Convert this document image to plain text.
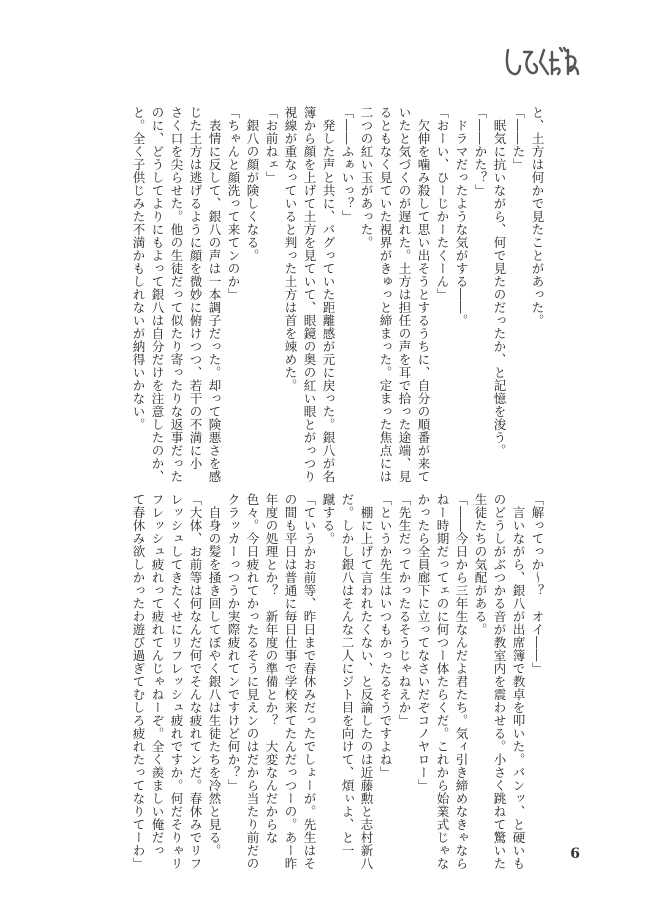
と、土方は何かで見たことがあった。
「――た」
　眠気に抗いながら、何で見たのだったか、と記憶を浚う。
「――かた？」
　ドラマだったような気がする――。
「おーい、ひーじかーたくーん」
　欠伸を噛み殺して思い出そうとするうちに、自分の順番が来て
いたと気づくのが遅れた。土方は担任の声を耳で拾った途端、見
るともなく見ていた視界がきゅっと締まった。定まった焦点には
二つの紅い玉があった。
「――ふぁいっ？」
　発した声と共に、バグっていた距離感が元に戻った。銀八が名
簿から顔を上げて土方を見ていて、眼鏡の奥の紅い眼とがっつり
視線が重なっていると判った土方は首を竦めた。
「お前ねェ」
　銀八の顔が険しくなる。
「ちゃんと顔洗って来てンのか」
　表情に反して、銀八の声は一本調子だった。却って険悪さを感
じた土方は逃げるように顔を微妙に俯けつつ、若干の不満に小
さく口を尖らせた。他の生徒だって似たり寄ったりな返事だった
のに、どうしてよりにもよって銀八は自分だけを注意したのか、
と。全く子供じみた不満かもしれないが納得いかない。
「解ってっか～？　オイ――」
　言いながら、銀八が出席簿で教卓を叩いた。バンッ、と硬いも
のどうしがぶつかる音が教室内を震わせる。小さく跳ねて驚いた
生徒たちの気配がある。
「――今日から三年生なんだよ君たち。気ィ引き締めなきゃなら
ねー時期だってェのに何つー体たらくだ。これから始業式じゃな
かったら全員廊下に立ってなさいだぞコノヤロー」
「先生だってかったるそうじゃねえか」
「というか先生はいつもかったるそうですよね」
　棚に上げて言われたくない、と反論したのは近藤勲と志村新八
だ。しかし銀八はそんな二人にジト目を向けて、煩ぃよ、と一
蹴する。
「ていうかお前等、昨日まで春休みだったでしょーが。先生はそ
の間も平日は普通に毎日仕事で学校来てたんだっつーの。あー昨
年度の処理とか？　新年度の準備とか？　大変なんだからな
色々。今日疲れてかったるそうに見えンのはだから当たり前だの
クラッカーっつうか実際疲れてンですけど何か？」
　自身の髪を掻き回してぼやく銀八は生徒たちを冷然と見る。
「大体、お前等は何なんだ何でそんな疲れてンだ。春休みでリフ
レッシュしてきたくせにリフレッシュ疲れですか。何だそりゃリ
フレッシュ疲れって疲れてんじゃねーぞ。全く羨ましい俺だっ
て春休み欲しかったわ遊び過ぎてむしろ疲れたってなりてーわ」	6
